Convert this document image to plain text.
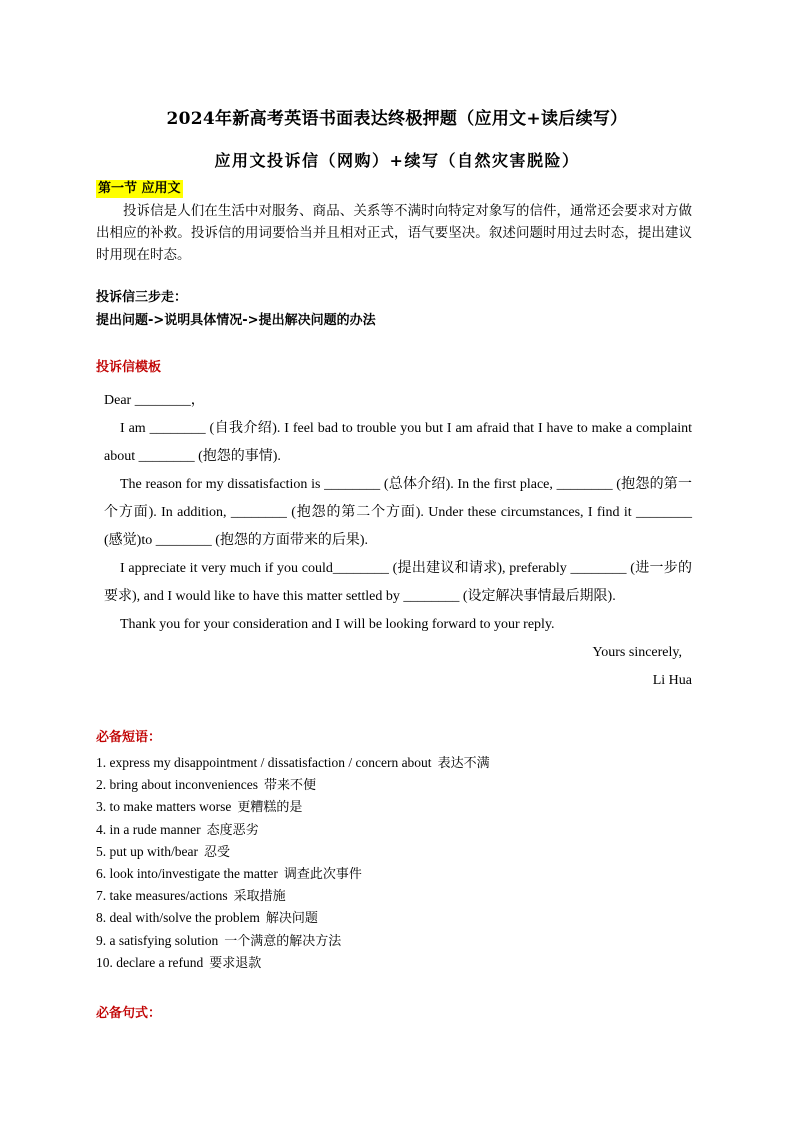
2024年新高考英语书面表达终极押题（应用文+读后续写）
应用文投诉信（网购）+续写（自然灾害脱险）
第一节 应用文

投诉信是人们在生活中对服务、商品、关系等不满时向特定对象写的信件，通常还会要求对方做出相应的补救。投诉信的用词要恰当并且相对正式，语气要坚决。叙述问题时用过去时态，提出建议时用现在时态。

投诉信三步走：
提出问题->说明具体情况->提出解决问题的办法
投诉信模板

Dear ________，

I am ________ (自我介绍). I feel bad to trouble you but I am afraid that I have to make a complaint about ________ (抱怨的事情).

The reason for my dissatisfaction is ________ (总体介绍). In the first place, ________ (抱怨的第一个方面). In addition, ________ (抱怨的第二个方面). Under these circumstances, I find it ________ (感觉)to ________ (抱怨的方面带来的后果).

I appreciate it very much if you could________ (提出建议和请求), preferably ________ (进一步的要求), and I would like to have this matter settled by ________ (设定解决事情最后期限).

Thank you for your consideration and I will be looking forward to your reply.

Yours sincerely,

Li Hua

必备短语：
1. express my disappointment / dissatisfaction / concern about 表达不满
2. bring about inconveniences 带来不便
3. to make matters worse 更糟糕的是
4. in a rude manner 态度恶劣
5. put up with/bear 忍受
6. look into/investigate the matter 调查此次事件
7. take measures/actions 采取措施
8. deal with/solve the problem 解决问题
9. a satisfying solution 一个满意的解决方法
10. declare a refund 要求退款
必备句式：
